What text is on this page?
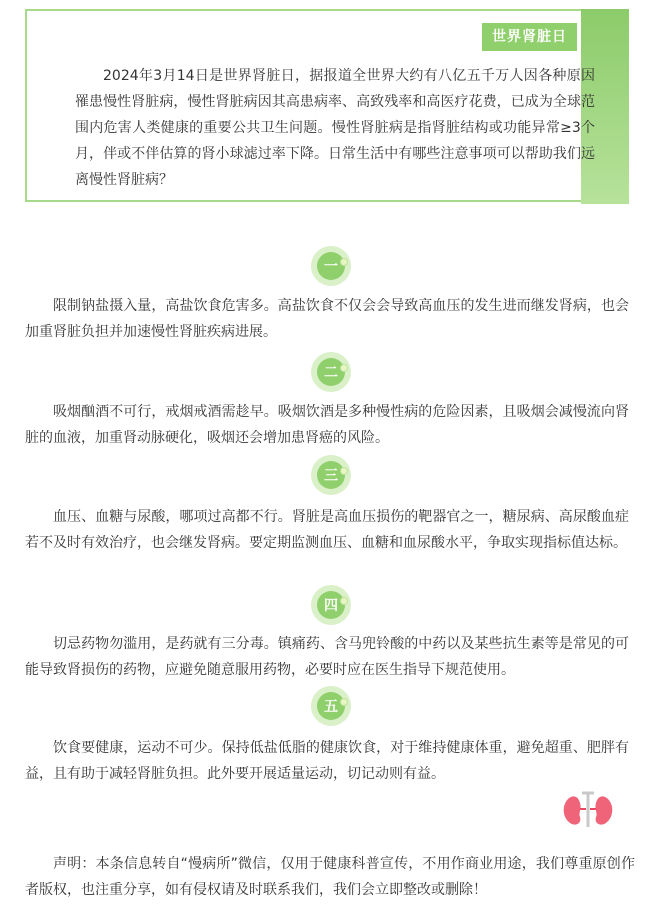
世界肾脏日
2024年3月14日是世界肾脏日，据报道全世界大约有八亿五千万人因各种原因罹患慢性肾脏病，慢性肾脏病因其高患病率、高致残率和高医疗花费，已成为全球范围内危害人类健康的重要公共卫生问题。慢性肾脏病是指肾脏结构或功能异常≥3个月，伴或不伴估算的肾小球滤过率下降。日常生活中有哪些注意事项可以帮助我们远离慢性肾脏病？
一
限制钠盐摄入量，高盐饮食危害多。高盐饮食不仅会会导致高血压的发生进而继发肾病，也会加重肾脏负担并加速慢性肾脏疾病进展。
二
吸烟酗酒不可行，戒烟戒酒需趁早。吸烟饮酒是多种慢性病的危险因素，且吸烟会减慢流向肾脏的血液，加重肾动脉硬化，吸烟还会增加患肾癌的风险。
三
血压、血糖与尿酸，哪项过高都不行。肾脏是高血压损伤的靶器官之一，糖尿病、高尿酸血症若不及时有效治疗，也会继发肾病。要定期监测血压、血糖和血尿酸水平，争取实现指标值达标。
四
切忌药物勿滥用，是药就有三分毒。镇痛药、含马兜铃酸的中药以及某些抗生素等是常见的可能导致肾损伤的药物，应避免随意服用药物，必要时应在医生指导下规范使用。
五
饮食要健康，运动不可少。保持低盐低脂的健康饮食，对于维持健康体重，避免超重、肥胖有益，且有助于减轻肾脏负担。此外要开展适量运动，切记动则有益。
声明：本条信息转自“慢病所”微信，仅用于健康科普宣传，不用作商业用途，我们尊重原创作者版权，也注重分享，如有侵权请及时联系我们，我们会立即整改或删除！
